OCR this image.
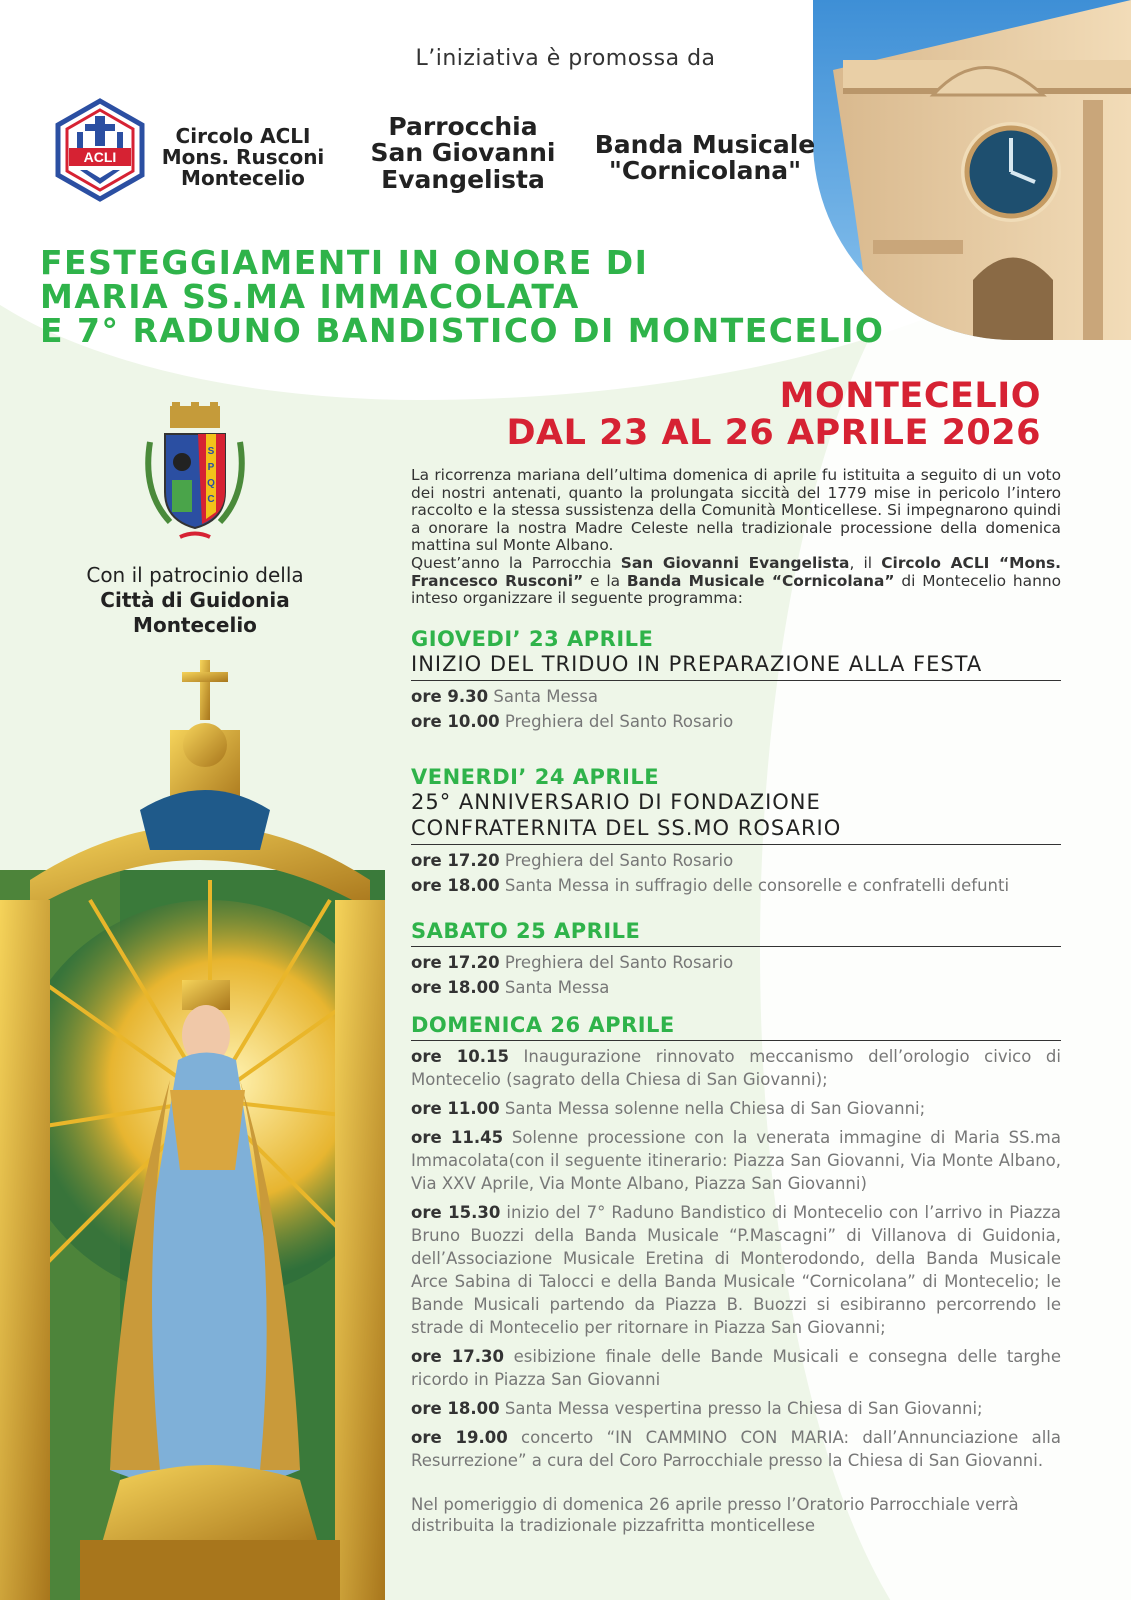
L’iniziativa è promossa da
ACLI
Circolo ACLI
Mons. Rusconi
Montecelio
Parrocchia
San Giovanni
Evangelista
Banda Musicale
"Cornicolana"
FESTEGGIAMENTI IN ONORE DI
MARIA SS.MA IMMACOLATA
E 7° RADUNO BANDISTICO DI MONTECELIO
S
P
Q
C
Con il patrocinio della
Città di Guidonia
Montecelio
MONTECELIO
DAL 23 AL 26 APRILE 2026
La ricorrenza mariana dell’ultima domenica di aprile fu istituita a seguito di un voto dei nostri antenati, quanto la prolungata siccità del 1779 mise in pericolo l’intero raccolto e la stessa sussistenza della Comunità Monticellese. Si impegnarono quindi a onorare la nostra Madre Celeste nella tradizionale processione della domenica mattina sul Monte Albano.
Quest’anno la Parrocchia San Giovanni Evangelista, il Circolo ACLI “Mons. Francesco Rusconi” e la Banda Musicale “Cornicolana” di Montecelio hanno inteso organizzare il seguente programma:
GIOVEDI’ 23 APRILE
INIZIO DEL TRIDUO IN PREPARAZIONE ALLA FESTA
ore 9.30 Santa Messa
ore 10.00 Preghiera del Santo Rosario
VENERDI’ 24 APRILE
25° ANNIVERSARIO DI FONDAZIONE
CONFRATERNITA DEL SS.MO ROSARIO
ore 17.20 Preghiera del Santo Rosario
ore 18.00 Santa Messa in suffragio delle consorelle e confratelli defunti
SABATO 25 APRILE
ore 17.20 Preghiera del Santo Rosario
ore 18.00 Santa Messa
DOMENICA 26 APRILE
ore 10.15 Inaugurazione rinnovato meccanismo dell’orologio civico di Montecelio (sagrato della Chiesa di San Giovanni);
ore 11.00 Santa Messa solenne nella Chiesa di San Giovanni;
ore 11.45 Solenne processione con la venerata immagine di Maria SS.ma Immacolata(con il seguente itinerario: Piazza San Giovanni, Via Monte Albano, Via XXV Aprile, Via Monte Albano, Piazza San Giovanni)
ore 15.30 inizio del 7° Raduno Bandistico di Montecelio con l’arrivo in Piazza Bruno Buozzi della Banda Musicale “P.Mascagni” di Villanova di Guidonia, dell’Associazione Musicale Eretina di Monterodondo, della Banda Musicale Arce Sabina di Talocci e della Banda Musicale “Cornicolana” di Montecelio; le Bande Musicali partendo da Piazza B. Buozzi si esibiranno percorrendo le strade di Montecelio per ritornare in Piazza San Giovanni;
ore 17.30 esibizione finale delle Bande Musicali e consegna delle targhe ricordo in Piazza San Giovanni
ore 18.00 Santa Messa vespertina presso la Chiesa di San Giovanni;
ore 19.00 concerto “IN CAMMINO CON MARIA: dall’Annunciazione alla Resurrezione” a cura del Coro Parrocchiale presso la Chiesa di San Giovanni.
Nel pomeriggio di domenica 26 aprile presso l’Oratorio Parrocchiale verrà distribuita la tradizionale pizzafritta monticellese
